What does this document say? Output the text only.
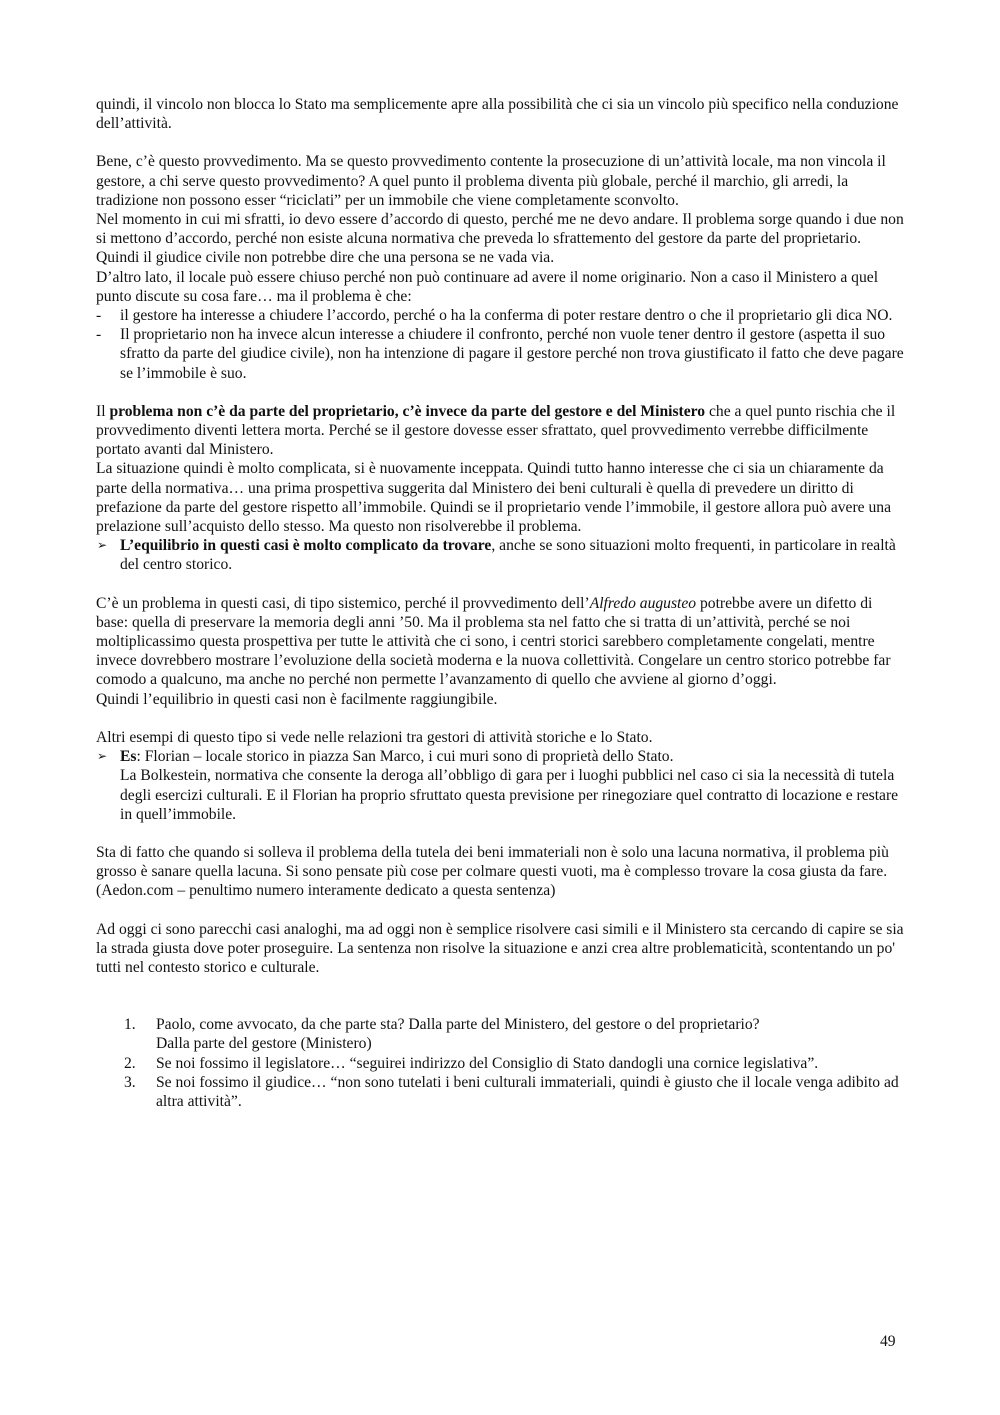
quindi, il vincolo non blocca lo Stato ma semplicemente apre alla possibilità che ci sia un vincolo più specifico nella conduzione dell’attività.

Bene, c’è questo provvedimento. Ma se questo provvedimento contente la prosecuzione di un’attività locale, ma non vincola il gestore, a chi serve questo provvedimento? A quel punto il problema diventa più globale, perché il marchio, gli arredi, la tradizione non possono esser “riciclati” per un immobile che viene completamente sconvolto.

Nel momento in cui mi sfratti, io devo essere d’accordo di questo, perché me ne devo andare. Il problema sorge quando i due non si mettono d’accordo, perché non esiste alcuna normativa che preveda lo sfrattemento del gestore da parte del proprietario. Quindi il giudice civile non potrebbe dire che una persona se ne vada via.

D’altro lato, il locale può essere chiuso perché non può continuare ad avere il nome originario. Non a caso il Ministero a quel punto discute su cosa fare… ma il problema è che:

- il gestore ha interesse a chiudere l’accordo, perché o ha la conferma di poter restare dentro o che il proprietario gli dica NO.
- Il proprietario non ha invece alcun interesse a chiudere il confronto, perché non vuole tener dentro il gestore (aspetta il suo sfratto da parte del giudice civile), non ha intenzione di pagare il gestore perché non trova giustificato il fatto che deve pagare se l’immobile è suo.

Il problema non c’è da parte del proprietario, c’è invece da parte del gestore e del Ministero che a quel punto rischia che il provvedimento diventi lettera morta. Perché se il gestore dovesse esser sfrattato, quel provvedimento verrebbe difficilmente portato avanti dal Ministero.

La situazione quindi è molto complicata, si è nuovamente inceppata. Quindi tutto hanno interesse che ci sia un chiaramente da parte della normativa… una prima prospettiva suggerita dal Ministero dei beni culturali è quella di prevedere un diritto di prefazione da parte del gestore rispetto all’immobile. Quindi se il proprietario vende l’immobile, il gestore allora può avere una prelazione sull’acquisto dello stesso. Ma questo non risolverebbe il problema.

➢ L’equilibrio in questi casi è molto complicato da trovare, anche se sono situazioni molto frequenti, in particolare in realtà del centro storico.

C’è un problema in questi casi, di tipo sistemico, perché il provvedimento dell’Alfredo augusteo potrebbe avere un difetto di base: quella di preservare la memoria degli anni ’50. Ma il problema sta nel fatto che si tratta di un’attività, perché se noi moltiplicassimo questa prospettiva per tutte le attività che ci sono, i centri storici sarebbero completamente congelati, mentre invece dovrebbero mostrare l’evoluzione della società moderna e la nuova collettività. Congelare un centro storico potrebbe far comodo a qualcuno, ma anche no perché non permette l’avanzamento di quello che avviene al giorno d’oggi.

Quindi l’equilibrio in questi casi non è facilmente raggiungibile.

Altri esempi di questo tipo si vede nelle relazioni tra gestori di attività storiche e lo Stato.

➢ Es: Florian – locale storico in piazza San Marco, i cui muri sono di proprietà dello Stato.
La Bolkestein, normativa che consente la deroga all’obbligo di gara per i luoghi pubblici nel caso ci sia la necessità di tutela degli esercizi culturali. E il Florian ha proprio sfruttato questa previsione per rinegoziare quel contratto di locazione e restare in quell’immobile.

Sta di fatto che quando si solleva il problema della tutela dei beni immateriali non è solo una lacuna normativa, il problema più grosso è sanare quella lacuna. Si sono pensate più cose per colmare questi vuoti, ma è complesso trovare la cosa giusta da fare.

(Aedon.com – penultimo numero interamente dedicato a questa sentenza)

Ad oggi ci sono parecchi casi analoghi, ma ad oggi non è semplice risolvere casi simili e il Ministero sta cercando di capire se sia la strada giusta dove poter proseguire. La sentenza non risolve la situazione e anzi crea altre problematicità, scontentando un po' tutti nel contesto storico e culturale.

1. Paolo, come avvocato, da che parte sta? Dalla parte del Ministero, del gestore o del proprietario?
Dalla parte del gestore (Ministero)
2. Se noi fossimo il legislatore… “seguirei indirizzo del Consiglio di Stato dandogli una cornice legislativa”.
3. Se noi fossimo il giudice… “non sono tutelati i beni culturali immateriali, quindi è giusto che il locale venga adibito ad altra attività”.
49
